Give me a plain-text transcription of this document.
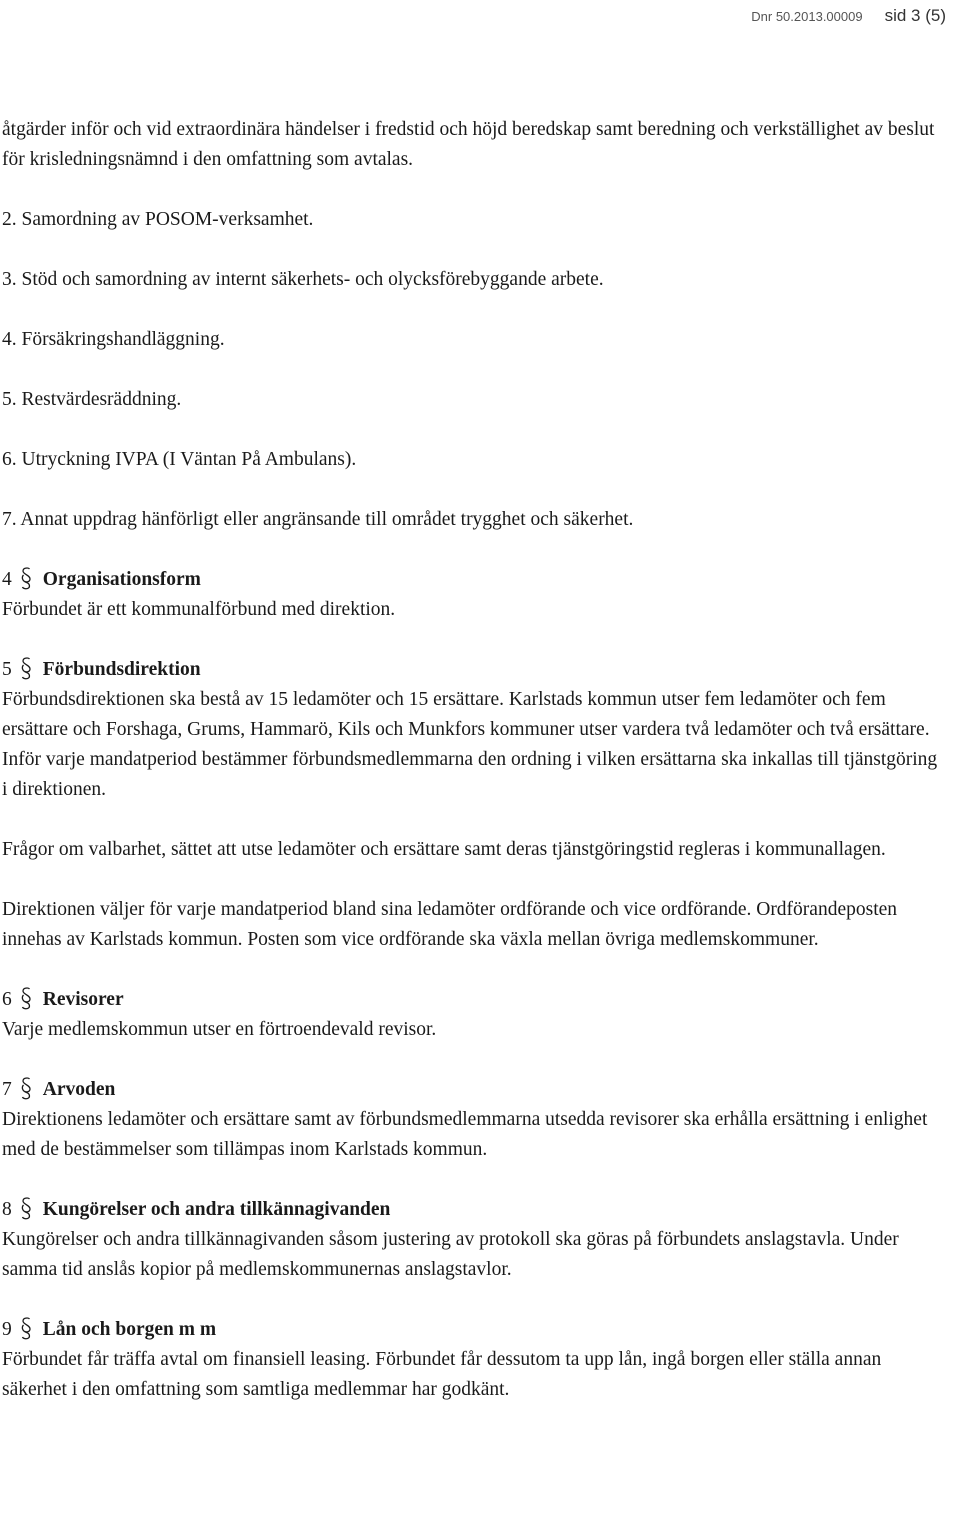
Dnr 50.2013.00009 sid 3 (5)

åtgärder inför och vid extraordinära händelser i fredstid och höjd beredskap samt beredning och verkställighet av beslut för krisledningsnämnd i den omfattning som avtalas.

2. Samordning av POSOM-verksamhet.

3. Stöd och samordning av internt säkerhets- och olycksförebyggande arbete.

4. Försäkringshandläggning.

5. Restvärdesräddning.

6. Utryckning IVPA (I Väntan På Ambulans).

7. Annat uppdrag hänförligt eller angränsande till området trygghet och säkerhet.

4 Organisationsform

Förbundet är ett kommunalförbund med direktion.

5 Förbundsdirektion

Förbundsdirektionen ska bestå av 15 ledamöter och 15 ersättare. Karlstads kommun utser fem ledamöter och fem ersättare och Forshaga, Grums, Hammarö, Kils och Munkfors kommuner utser vardera två ledamöter och två ersättare. Inför varje mandatperiod bestämmer förbundsmedlemmarna den ordning i vilken ersättarna ska inkallas till tjänstgöring i direktionen.

Frågor om valbarhet, sättet att utse ledamöter och ersättare samt deras tjänstgöringstid regleras i kommunallagen.

Direktionen väljer för varje mandatperiod bland sina ledamöter ordförande och vice ordförande. Ordförandeposten innehas av Karlstads kommun. Posten som vice ordförande ska växla mellan övriga medlemskommuner.

6 Revisorer

Varje medlemskommun utser en förtroendevald revisor.

7 Arvoden

Direktionens ledamöter och ersättare samt av förbundsmedlemmarna utsedda revisorer ska erhålla ersättning i enlighet med de bestämmelser som tillämpas inom Karlstads kommun.

8 Kungörelser och andra tillkännagivanden

Kungörelser och andra tillkännagivanden såsom justering av protokoll ska göras på förbundets anslagstavla. Under samma tid anslås kopior på medlemskommunernas anslagstavlor.

9 Lån och borgen m m

Förbundet får träffa avtal om finansiell leasing. Förbundet får dessutom ta upp lån, ingå borgen eller ställa annan säkerhet i den omfattning som samtliga medlemmar har godkänt.
